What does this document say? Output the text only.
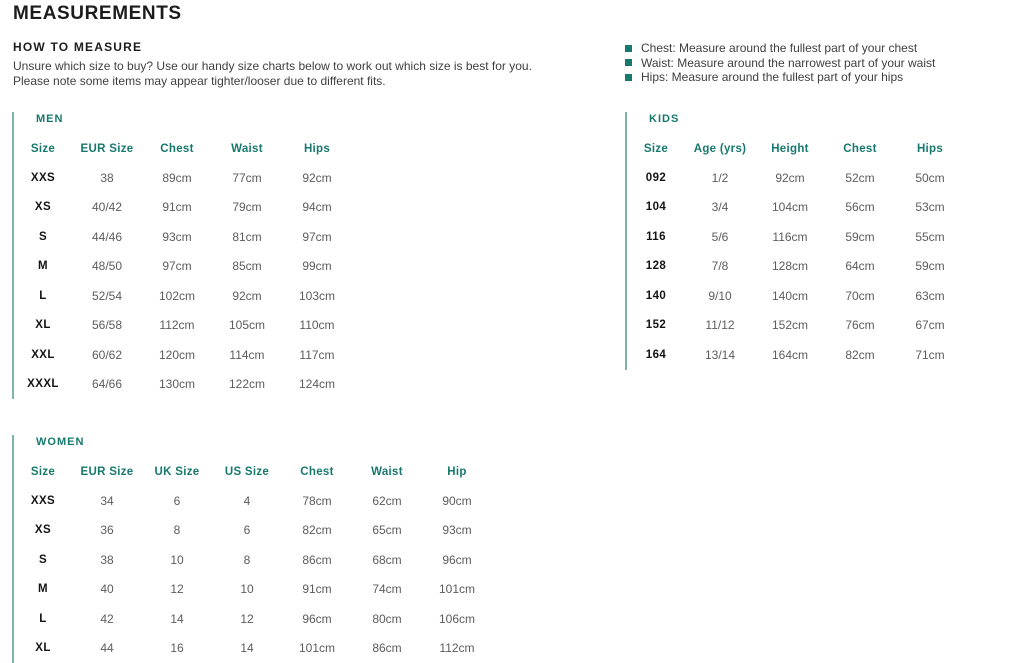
MEASUREMENTS
HOW TO MEASURE

Unsure which size to buy? Use our handy size charts below to work out which size is best for you.

Please note some items may appear tighter/looser due to different fits.

Chest: Measure around the fullest part of your chest
Waist: Measure around the narrowest part of your waist
Hips: Measure around the fullest part of your hips
MEN
Size	EUR Size	Chest	Waist	Hips
XXS	38	89cm	77cm	92cm
XS	40/42	91cm	79cm	94cm
S	44/46	93cm	81cm	97cm
M	48/50	97cm	85cm	99cm
L	52/54	102cm	92cm	103cm
XL	56/58	112cm	105cm	110cm
XXL	60/62	120cm	114cm	117cm
XXXL	64/66	130cm	122cm	124cm
KIDS
Size	Age (yrs)	Height	Chest	Hips
092	1/2	92cm	52cm	50cm
104	3/4	104cm	56cm	53cm
116	5/6	116cm	59cm	55cm
128	7/8	128cm	64cm	59cm
140	9/10	140cm	70cm	63cm
152	11/12	152cm	76cm	67cm
164	13/14	164cm	82cm	71cm
WOMEN
Size	EUR Size	UK Size	US Size	Chest	Waist	Hip
XXS	34	6	4	78cm	62cm	90cm
XS	36	8	6	82cm	65cm	93cm
S	38	10	8	86cm	68cm	96cm
M	40	12	10	91cm	74cm	101cm
L	42	14	12	96cm	80cm	106cm
XL	44	16	14	101cm	86cm	112cm
